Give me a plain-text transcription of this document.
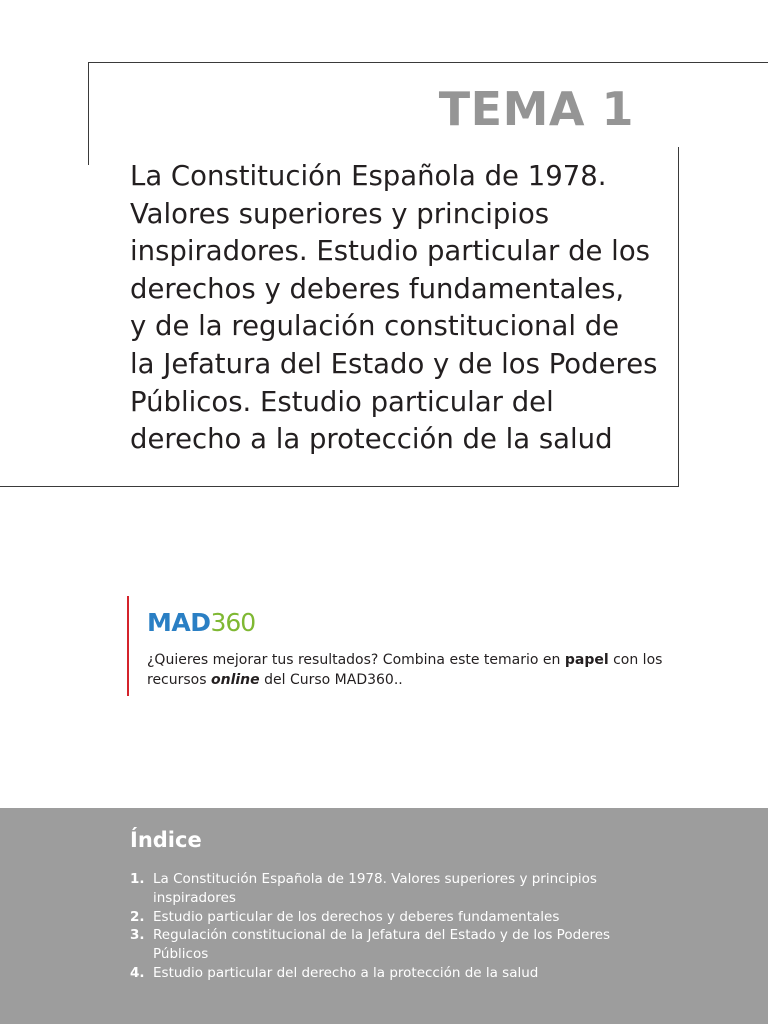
TEMA 1
La Constitución Española de 1978.
Valores superiores y principios
inspiradores. Estudio particular de los
derechos y deberes fundamentales,
y de la regulación constitucional de
la Jefatura del Estado y de los Poderes
Públicos. Estudio particular del
derecho a la protección de la salud
MAD360
¿Quieres mejorar tus resultados? Combina este temario en papel con los recursos online del Curso MAD360..
Índice
1. La Constitución Española de 1978. Valores superiores y principios inspiradores
2. Estudio particular de los derechos y deberes fundamentales
3. Regulación constitucional de la Jefatura del Estado y de los Poderes Públicos
4. Estudio particular del derecho a la protección de la salud
